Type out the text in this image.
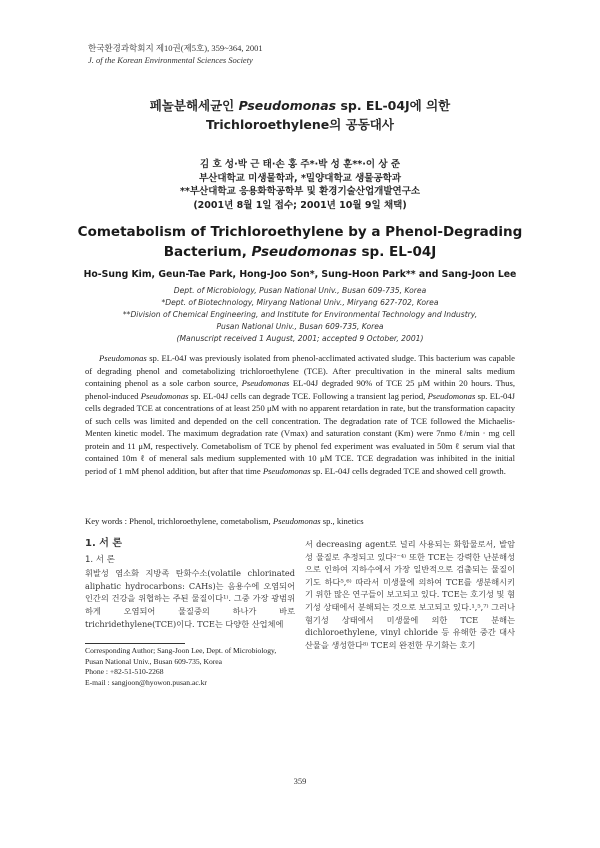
한국환경과학회지 제10권(제5호), 359~364, 2001
J. of the Korean Environmental Sciences Society
페놀분해세균인 Pseudomonas sp. EL-04J에 의한
Trichloroethylene의 공동대사
김 호 성·박 근 태·손 홍 주*·박 성 훈**·이 상 준
부산대학교 미생물학과, *밀양대학교 생물공학과
**부산대학교 응용화학공학부 및 환경기술산업개발연구소
(2001년 8월 1일 접수; 2001년 10월 9일 채택)
Cometabolism of Trichloroethylene by a Phenol-Degrading
Bacterium, Pseudomonas sp. EL-04J
Ho-Sung Kim, Geun-Tae Park, Hong-Joo Son*, Sung-Hoon Park** and Sang-Joon Lee
Dept. of Microbiology, Pusan National Univ., Busan 609-735, Korea
*Dept. of Biotechnology, Miryang National Univ., Miryang 627-702, Korea
**Division of Chemical Engineering, and Institute for Environmental Technology and Industry,
Pusan National Univ., Busan 609-735, Korea
(Manuscript received 1 August, 2001; accepted 9 October, 2001)
Pseudomonas sp. EL-04J was previously isolated from phenol-acclimated activated sludge. This bacterium was capable of degrading phenol and cometabolizing trichloroethylene (TCE). After precultivation in the mineral salts medium containing phenol as a sole carbon source, Pseudomonas EL-04J degraded 90% of TCE 25 μM within 20 hours. Thus, phenol-induced Pseudomonas sp. EL-04J cells can degrade TCE. Following a transient lag period, Pseudomonas sp. EL-04J cells degraded TCE at concentrations of at least 250 μM with no apparent retardation in rate, but the transformation capacity of such cells was limited and depended on the cell concentration. The degradation rate of TCE followed the Michaelis-Menten kinetic model. The maximum degradation rate (Vmax) and saturation constant (Km) were 7nmo ℓ/min · mg cell protein and 11 μM, respectively. Cometabolism of TCE by phenol fed experiment was evaluated in 50m ℓ serum vial that contained 10m ℓ of meneral sals medium supplemented with 10 μM TCE. TCE degradation was inhibited in the initial period of 1 mM phenol addition, but after that time Pseudomonas sp. EL-04J cells degraded TCE and showed cell growth.
Key words : Phenol, trichloroethylene, cometabolism, Pseudomonas sp., kinetics
1. 서 론
1. 서 론
휘발성 염소화 지방족 탄화수소(volatile chlorinated aliphatic hydrocarbons: CAHs)는 음용수에 오염되어 인간의 건강을 위협하는 주된 물질이다¹⁾. 그중 가장 광범위하게 오염되어 물질중의 하나가 바로 trichridethylene(TCE)이다. TCE는 다양한 산업체에
서 decreasing agent로 널리 사용되는 화합물로서, 발암성 물질로 추정되고 있다²⁻⁴⁾ 또한 TCE는 강력한 난분해성으로 인하여 지하수에서 가장 일반적으로 검출되는 물질이기도 하다⁵,⁶⁾ 따라서 미생물에 의하여 TCE를 생분해시키기 위한 많은 연구들이 보고되고 있다. TCE는 호기성 및 혐기성 상태에서 분해되는 것으로 보고되고 있다.¹,⁵,⁷⁾ 그러나 혐기성 상태에서 미생물에 의한 TCE 분해는 dichloroethylene, vinyl chloride 등 유해한 중간 대사산물을 생성한다⁸⁾ TCE의 완전한 무기화는 호기
Corresponding Author; Sang-Joon Lee, Dept. of Microbiology,
Pusan National Univ., Busan 609-735, Korea
Phone : +82-51-510-2268
E-mail : sangjoon@hyowon.pusan.ac.kr
359
